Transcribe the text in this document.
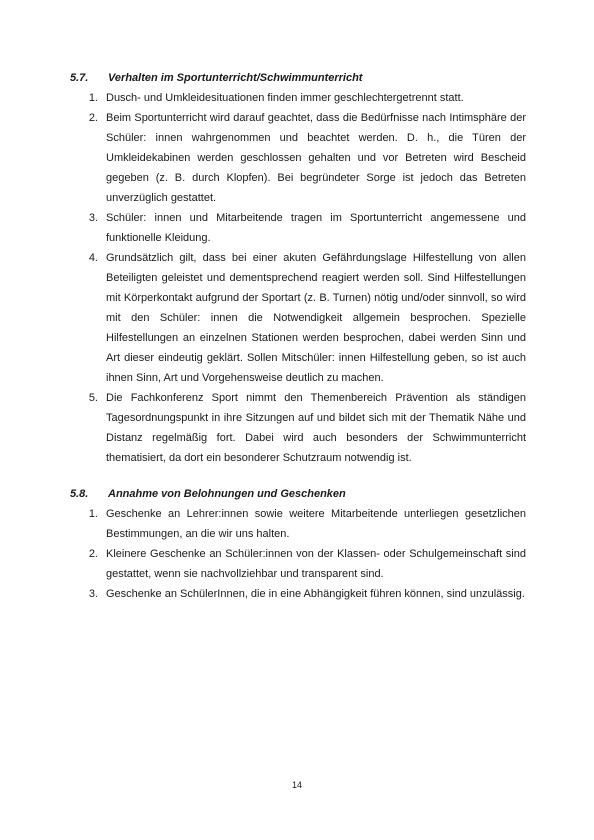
5.7.	Verhalten im Sportunterricht/Schwimmunterricht
1. Dusch- und Umkleidesituationen finden immer geschlechtergetrennt statt.
2. Beim Sportunterricht wird darauf geachtet, dass die Bedürfnisse nach Intimsphäre der Schüler: innen wahrgenommen und beachtet werden. D. h., die Türen der Umkleidekabinen werden geschlossen gehalten und vor Betreten wird Bescheid gegeben (z. B. durch Klopfen). Bei begründeter Sorge ist jedoch das Betreten unverzüglich gestattet.
3. Schüler: innen und Mitarbeitende tragen im Sportunterricht angemessene und funktionelle Kleidung.
4. Grundsätzlich gilt, dass bei einer akuten Gefährdungslage Hilfestellung von allen Beteiligten geleistet und dementsprechend reagiert werden soll. Sind Hilfestellungen mit Körperkontakt aufgrund der Sportart (z. B. Turnen) nötig und/oder sinnvoll, so wird mit den Schüler: innen die Notwendigkeit allgemein besprochen. Spezielle Hilfestellungen an einzelnen Stationen werden besprochen, dabei werden Sinn und Art dieser eindeutig geklärt. Sollen Mitschüler: innen Hilfestellung geben, so ist auch ihnen Sinn, Art und Vorgehensweise deutlich zu machen.
5. Die Fachkonferenz Sport nimmt den Themenbereich Prävention als ständigen Tagesordnungspunkt in ihre Sitzungen auf und bildet sich mit der Thematik Nähe und Distanz regelmäßig fort. Dabei wird auch besonders der Schwimmunterricht thematisiert, da dort ein besonderer Schutzraum notwendig ist.
5.8.	Annahme von Belohnungen und Geschenken
1. Geschenke an Lehrer:innen sowie weitere Mitarbeitende unterliegen gesetzlichen Bestimmungen, an die wir uns halten.
2. Kleinere Geschenke an Schüler:innen von der Klassen- oder Schulgemeinschaft sind gestattet, wenn sie nachvollziehbar und transparent sind.
3. Geschenke an SchülerInnen, die in eine Abhängigkeit führen können, sind unzulässig.
14
